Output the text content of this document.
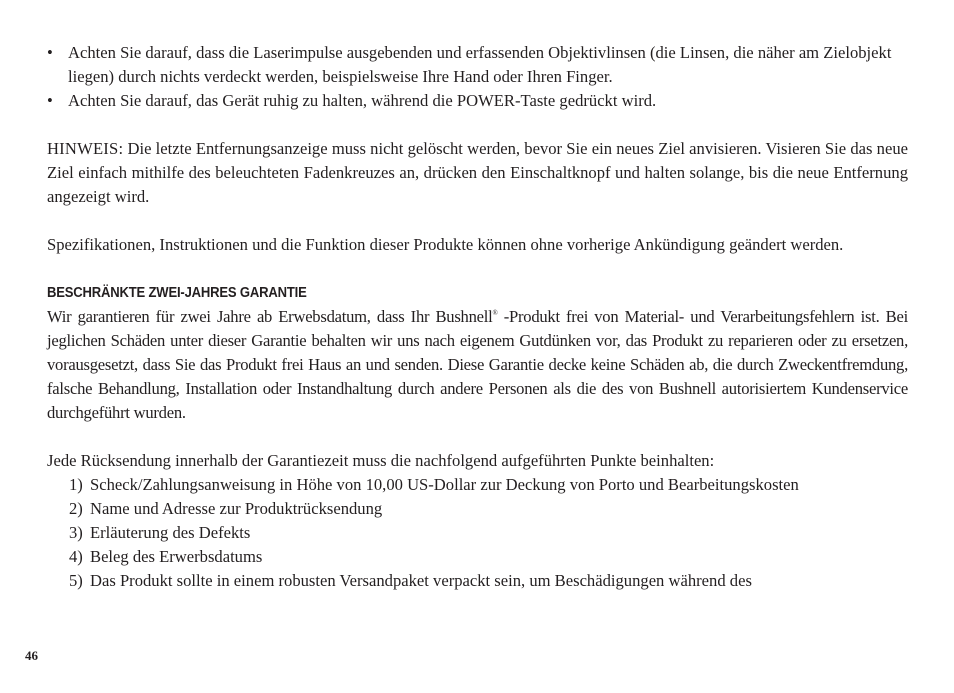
• Achten Sie darauf, dass die Laserimpulse ausgebenden und erfassenden Objektivlinsen (die Linsen, die näher am Zielobjekt liegen) durch nichts verdeckt werden, beispielsweise Ihre Hand oder Ihren Finger.
• Achten Sie darauf, das Gerät ruhig zu halten, während die POWER-Taste gedrückt wird.

HINWEIS: Die letzte Entfernungsanzeige muss nicht gelöscht werden, bevor Sie ein neues Ziel anvisieren. Visieren Sie das neue Ziel einfach mithilfe des beleuchteten Fadenkreuzes an, drücken den Einschaltknopf und halten solange, bis die neue Entfernung angezeigt wird.

Spezifikationen, Instruktionen und die Funktion dieser Produkte können ohne vorherige Ankündigung geändert werden.

BESCHRÄNKTE ZWEI-JAHRES GARANTIE

Wir garantieren für zwei Jahre ab Erwebsdatum, dass Ihr Bushnell® -Produkt frei von Material- und Verarbeitungsfehlern ist. Bei jeglichen Schäden unter dieser Garantie behalten wir uns nach eigenem Gutdünken vor, das Produkt zu reparieren oder zu ersetzen, vorausgesetzt, dass Sie das Produkt frei Haus an und senden. Diese Garantie decke keine Schäden ab, die durch Zweckentfremdung, falsche Behandlung, Installation oder Instandhaltung durch andere Personen als die des von Bushnell autorisiertem Kundenservice durchgeführt wurden.

Jede Rücksendung innerhalb der Garantiezeit muss die nachfolgend aufgeführten Punkte beinhalten:

1) Scheck/Zahlungsanweisung in Höhe von 10,00 US-Dollar zur Deckung von Porto und Bearbeitungskosten
2) Name und Adresse zur Produktrücksendung
3) Erläuterung des Defekts
4) Beleg des Erwerbsdatums
5) Das Produkt sollte in einem robusten Versandpaket verpackt sein, um Beschädigungen während des
46
